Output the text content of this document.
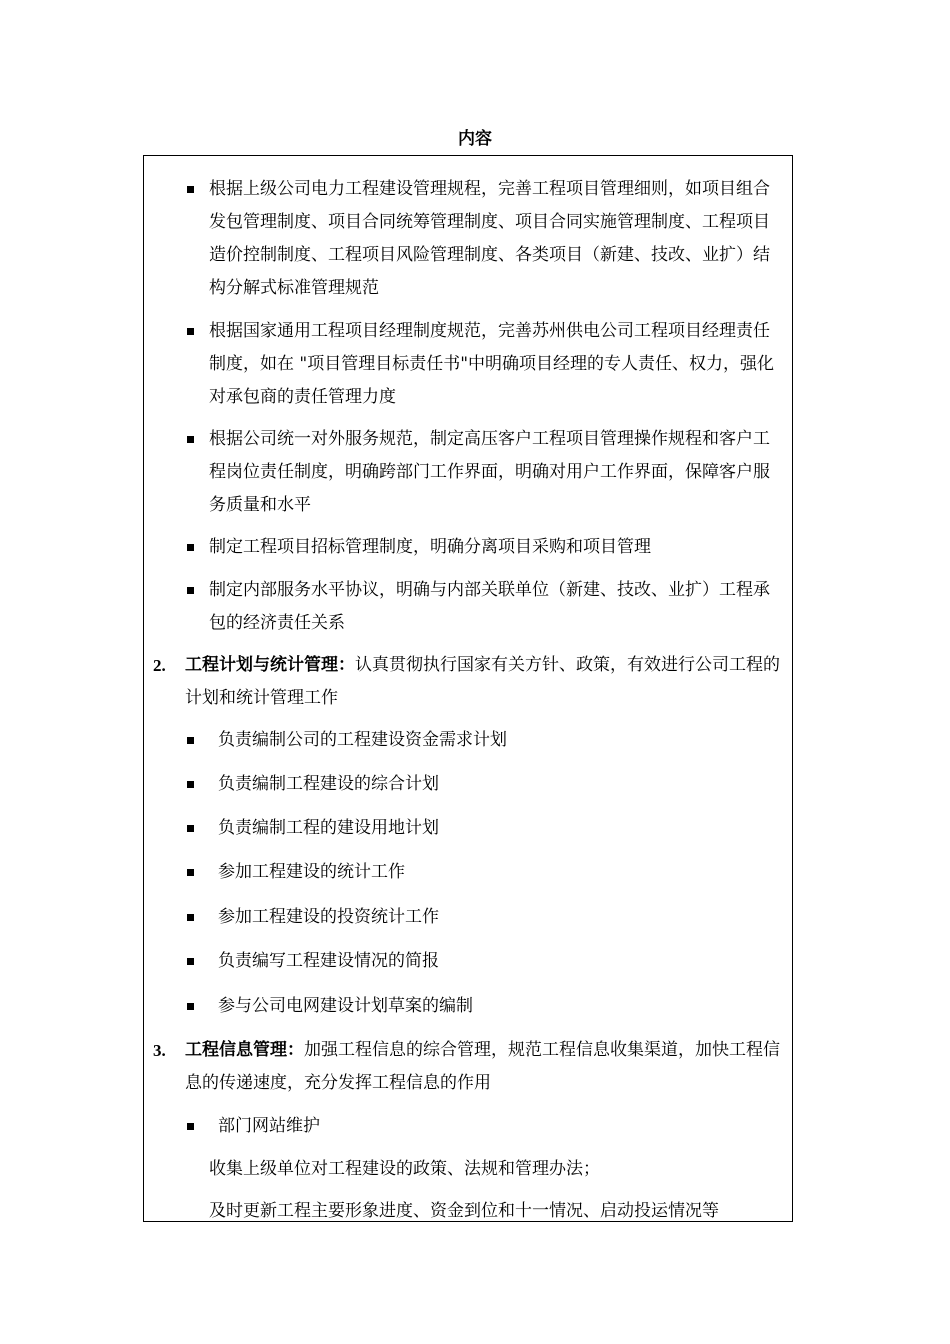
内容
根据上级公司电力工程建设管理规程，完善工程项目管理细则，如项目组合发包管理制度、项目合同统筹管理制度、项目合同实施管理制度、工程项目造价控制制度、工程项目风险管理制度、各类项目（新建、技改、业扩）结构分解式标准管理规范
根据国家通用工程项目经理制度规范，完善苏州供电公司工程项目经理责任制度，如在 "项目管理目标责任书"中明确项目经理的专人责任、权力，强化对承包商的责任管理力度
根据公司统一对外服务规范，制定高压客户工程项目管理操作规程和客户工程岗位责任制度，明确跨部门工作界面，明确对用户工作界面，保障客户服务质量和水平
制定工程项目招标管理制度，明确分离项目采购和项目管理
制定内部服务水平协议，明确与内部关联单位（新建、技改、业扩）工程承包的经济责任关系
2. 工程计划与统计管理：认真贯彻执行国家有关方针、政策，有效进行公司工程的计划和统计管理工作
负责编制公司的工程建设资金需求计划
负责编制工程建设的综合计划
负责编制工程的建设用地计划
参加工程建设的统计工作
参加工程建设的投资统计工作
负责编写工程建设情况的简报
参与公司电网建设计划草案的编制
3. 工程信息管理：加强工程信息的综合管理，规范工程信息收集渠道，加快工程信息的传递速度，充分发挥工程信息的作用
部门网站维护
收集上级单位对工程建设的政策、法规和管理办法；
及时更新工程主要形象进度、资金到位和十一情况、启动投运情况等
